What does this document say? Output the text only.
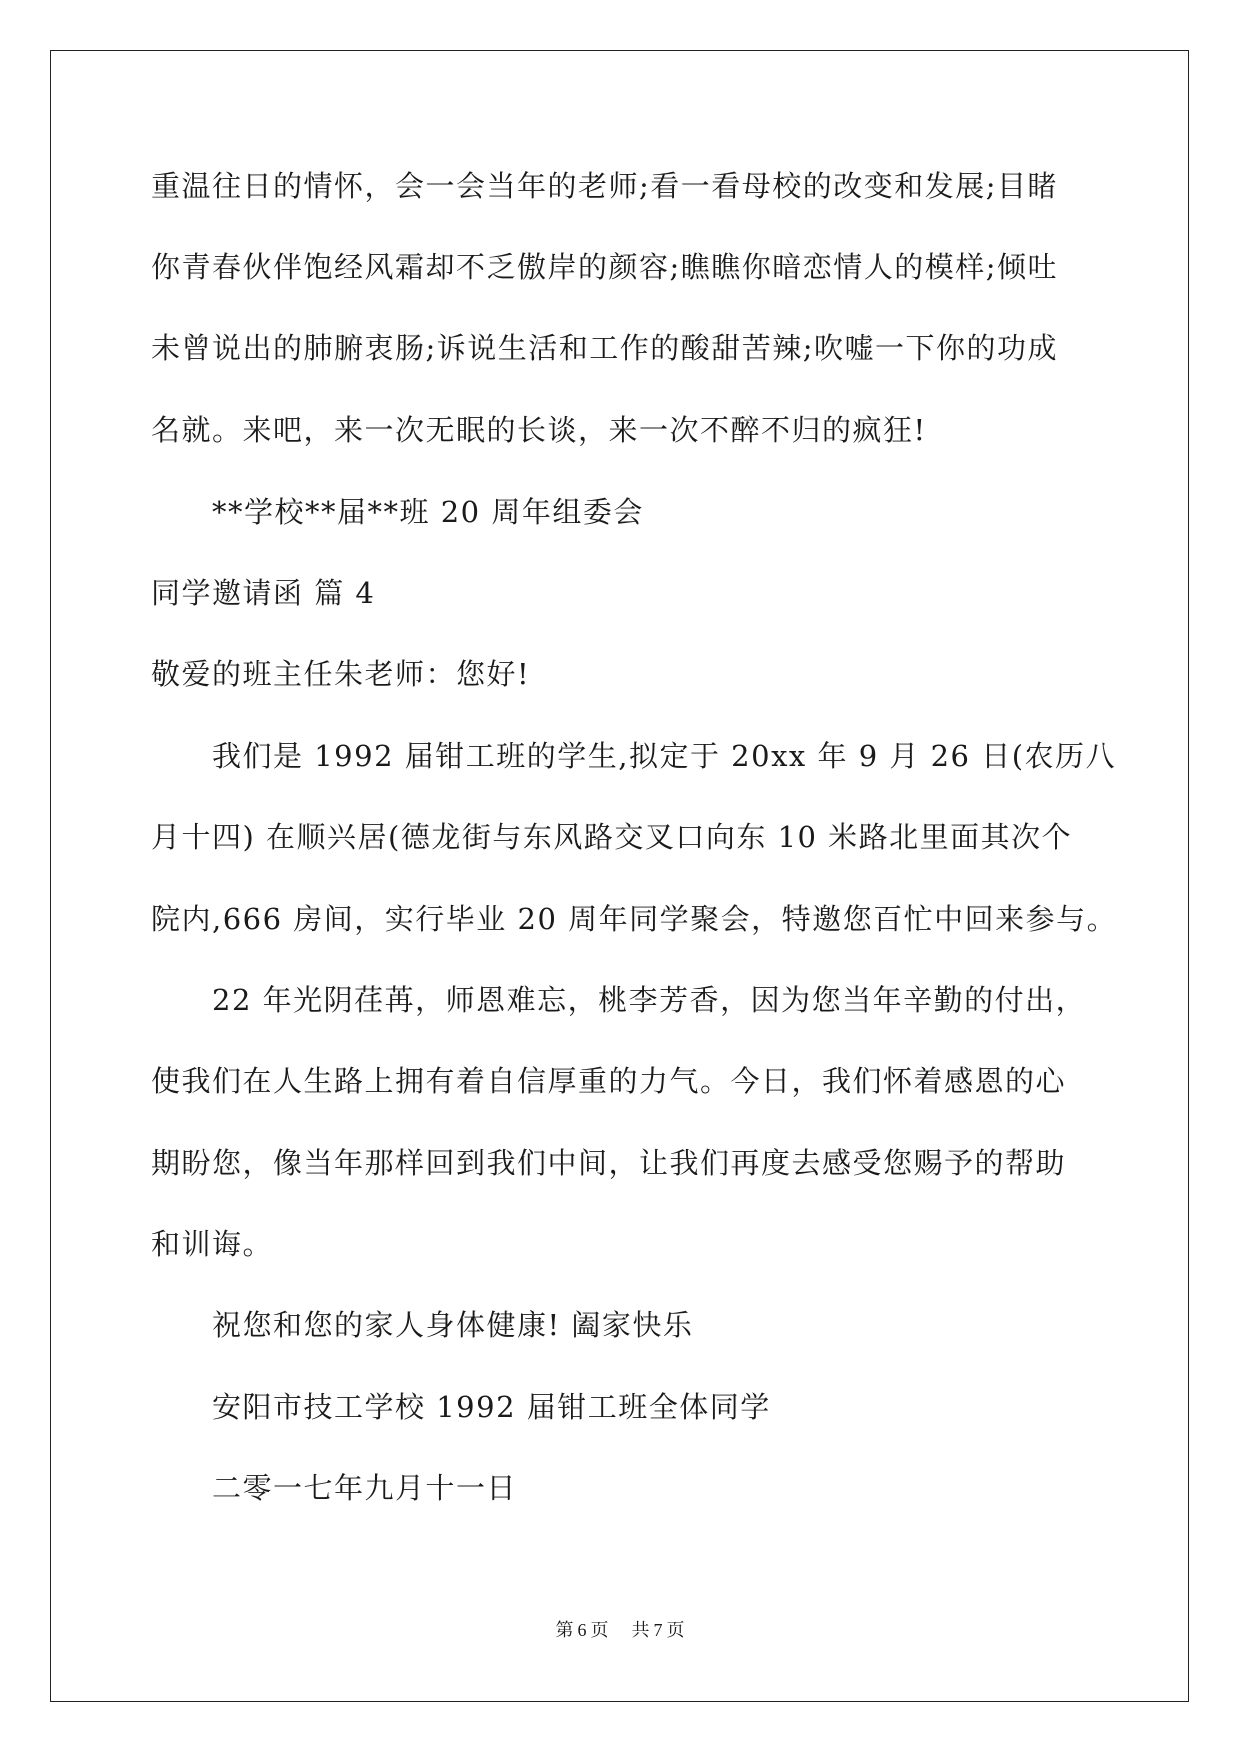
重温往日的情怀，会一会当年的老师;看一看母校的改变和发展;目睹
你青春伙伴饱经风霜却不乏傲岸的颜容;瞧瞧你暗恋情人的模样;倾吐
未曾说出的肺腑衷肠;诉说生活和工作的酸甜苦辣;吹嘘一下你的功成
名就。来吧，来一次无眠的长谈，来一次不醉不归的疯狂!
**学校**届**班 20 周年组委会
同学邀请函 篇 4
敬爱的班主任朱老师：您好!
我们是 1992 届钳工班的学生,拟定于 20xx 年 9 月 26 日(农历八
月十四) 在顺兴居(德龙街与东风路交叉口向东 10 米路北里面其次个
院内,666 房间，实行毕业 20 周年同学聚会，特邀您百忙中回来参与。
22 年光阴荏苒，师恩难忘，桃李芳香，因为您当年辛勤的付出，
使我们在人生路上拥有着自信厚重的力气。今日，我们怀着感恩的心
期盼您，像当年那样回到我们中间，让我们再度去感受您赐予的帮助
和训诲。
祝您和您的家人身体健康! 阖家快乐
安阳市技工学校 1992 届钳工班全体同学
二零一七年九月十一日
第 6 页 共 7 页
